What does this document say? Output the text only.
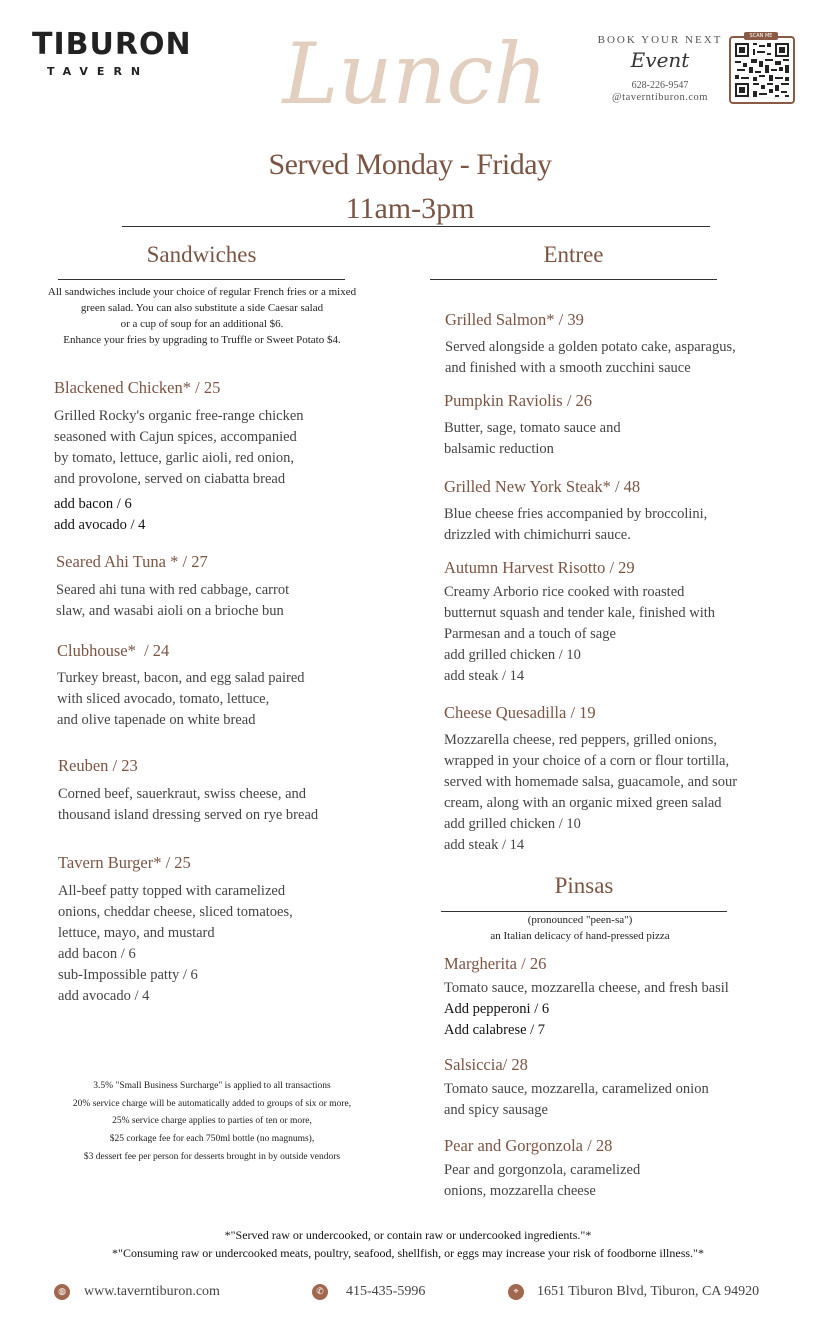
TIBURON
TAVERN Lunch
Served Monday - Friday
11am-3pm
BOOK YOUR NEXT
Event
628-226-9547
@taverntiburon.com
SCAN ME
Sandwiches
All sandwiches include your choice of regular French fries or a mixed
green salad. You can also substitute a side Caesar salad
or a cup of soup for an additional $6.
Enhance your fries by upgrading to Truffle or Sweet Potato $4.
Blackened Chicken* / 25
Grilled Rocky's organic free-range chicken
seasoned with Cajun spices, accompanied
by tomato, lettuce, garlic aioli, red onion,
and provolone, served on ciabatta bread
add bacon / 6
add avocado / 4
Seared Ahi Tuna * / 27
Seared ahi tuna with red cabbage, carrot
slaw, and wasabi aioli on a brioche bun
Clubhouse*  / 24
Turkey breast, bacon, and egg salad paired
with sliced avocado, tomato, lettuce,
and olive tapenade on white bread
Reuben / 23
Corned beef, sauerkraut, swiss cheese, and
thousand island dressing served on rye bread
Tavern Burger* / 25
All-beef patty topped with caramelized
onions, cheddar cheese, sliced tomatoes,
lettuce, mayo, and mustard
add bacon / 6
sub-Impossible patty / 6
add avocado / 4
3.5% "Small Business Surcharge" is applied to all transactions
20% service charge will be automatically added to groups of six or more,
25% service charge applies to parties of ten or more,
$25 corkage fee for each 750ml bottle (no magnums),
$3 dessert fee per person for desserts brought in by outside vendors
Entree
Grilled Salmon* / 39
Served alongside a golden potato cake, asparagus,
and finished with a smooth zucchini sauce
Pumpkin Raviolis / 26
Butter, sage, tomato sauce and
balsamic reduction
Grilled New York Steak* / 48
Blue cheese fries accompanied by broccolini,
drizzled with chimichurri sauce.
Autumn Harvest Risotto / 29
Creamy Arborio rice cooked with roasted
butternut squash and tender kale, finished with
Parmesan and a touch of sage
add grilled chicken / 10
add steak / 14
Cheese Quesadilla / 19
Mozzarella cheese, red peppers, grilled onions,
wrapped in your choice of a corn or flour tortilla,
served with homemade salsa, guacamole, and sour
cream, along with an organic mixed green salad
add grilled chicken / 10
add steak / 14
Pinsas
(pronounced "peen-sa")
an Italian delicacy of hand-pressed pizza
Margherita / 26
Tomato sauce, mozzarella cheese, and fresh basil
Add pepperoni / 6
Add calabrese / 7
Salsiccia/ 28
Tomato sauce, mozzarella, caramelized onion
and spicy sausage
Pear and Gorgonzola / 28
Pear and gorgonzola, caramelized
onions, mozzarella cheese
*"Served raw or undercooked, or contain raw or undercooked ingredients."*
*"Consuming raw or undercooked meats, poultry, seafood, shellfish, or eggs may increase your risk of foodborne illness."*
◍ www.taverntiburon.com	✆	415-435-5996	⌖	1651 Tiburon Blvd, Tiburon, CA 94920
